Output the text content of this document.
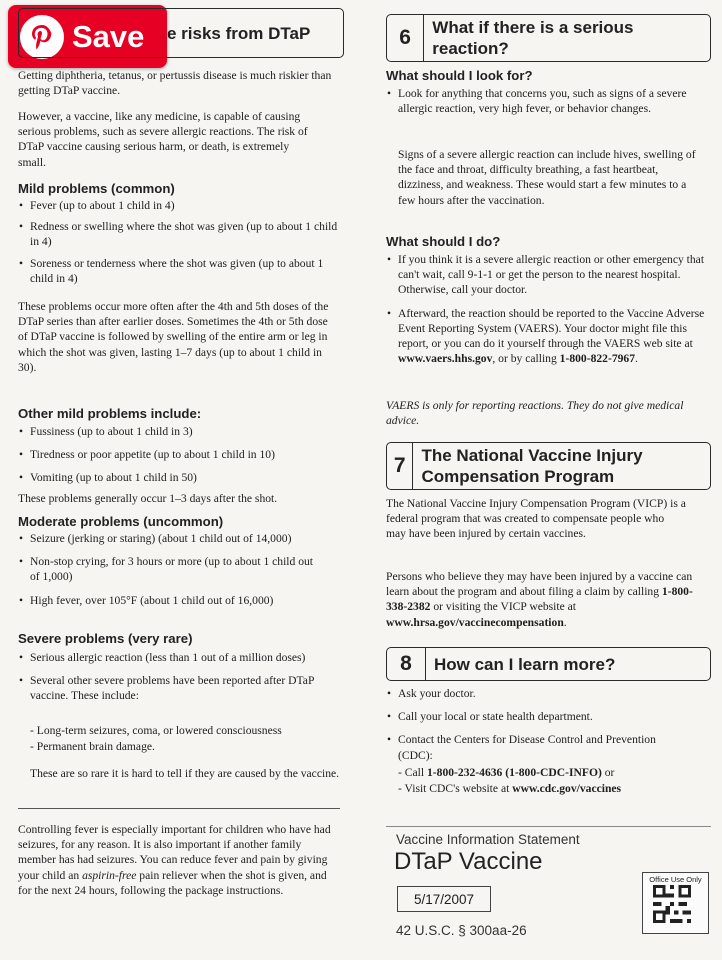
Save	e risks from DTaP

Getting diphtheria, tetanus, or pertussis disease is much riskier than getting DTaP vaccine.

However, a vaccine, like any medicine, is capable of causing serious problems, such as severe allergic reactions. The risk of DTaP vaccine causing serious harm, or death, is extremely small.

Mild problems (common)

• Fever (up to about 1 child in 4)
• Redness or swelling where the shot was given (up to about 1 child in 4)
• Soreness or tenderness where the shot was given (up to about 1 child in 4)

These problems occur more often after the 4th and 5th doses of the DTaP series than after earlier doses. Sometimes the 4th or 5th dose of DTaP vaccine is followed by swelling of the entire arm or leg in which the shot was given, lasting 1–7 days (up to about 1 child in 30).

Other mild problems include:

• Fussiness (up to about 1 child in 3)
• Tiredness or poor appetite (up to about 1 child in 10)
• Vomiting (up to about 1 child in 50)

These problems generally occur 1–3 days after the shot.

Moderate problems (uncommon)

• Seizure (jerking or staring) (about 1 child out of 14,000)
• Non-stop crying, for 3 hours or more (up to about 1 child out of 1,000)
• High fever, over 105°F (about 1 child out of 16,000)

Severe problems (very rare)

• Serious allergic reaction (less than 1 out of a million doses)
• Several other severe problems have been reported after DTaP vaccine. These include:
- Long-term seizures, coma, or lowered consciousness
- Permanent brain damage.

These are so rare it is hard to tell if they are caused by the vaccine.

Controlling fever is especially important for children who have had seizures, for any reason. It is also important if another family member has had seizures. You can reduce fever and pain by giving your child an aspirin-free pain reliever when the shot is given, and for the next 24 hours, following the package instructions.

6	What if there is a serious reaction?

What should I look for?

• Look for anything that concerns you, such as signs of a severe allergic reaction, very high fever, or behavior changes.

Signs of a severe allergic reaction can include hives, swelling of the face and throat, difficulty breathing, a fast heartbeat, dizziness, and weakness. These would start a few minutes to a few hours after the vaccination.

What should I do?

• If you think it is a severe allergic reaction or other emergency that can't wait, call 9-1-1 or get the person to the nearest hospital. Otherwise, call your doctor.
• Afterward, the reaction should be reported to the Vaccine Adverse Event Reporting System (VAERS). Your doctor might file this report, or you can do it yourself through the VAERS web site at www.vaers.hhs.gov, or by calling 1-800-822-7967.

VAERS is only for reporting reactions. They do not give medical advice.

7 The National Vaccine Injury Compensation Program

The National Vaccine Injury Compensation Program (VICP) is a federal program that was created to compensate people who may have been injured by certain vaccines.

Persons who believe they may have been injured by a vaccine can learn about the program and about filing a claim by calling 1-800-338-2382 or visiting the VICP website at www.hrsa.gov/vaccinecompensation.

8	How can I learn more?
• Ask your doctor.
• Call your local or state health department.
• Contact the Centers for Disease Control and Prevention (CDC):
- Call 1-800-232-4636 (1-800-CDC-INFO) or
- Visit CDC's website at www.cdc.gov/vaccines
Vaccine Information Statement
DTaP Vaccine
5/17/2007
42 U.S.C. § 300aa-26
Office Use Only
